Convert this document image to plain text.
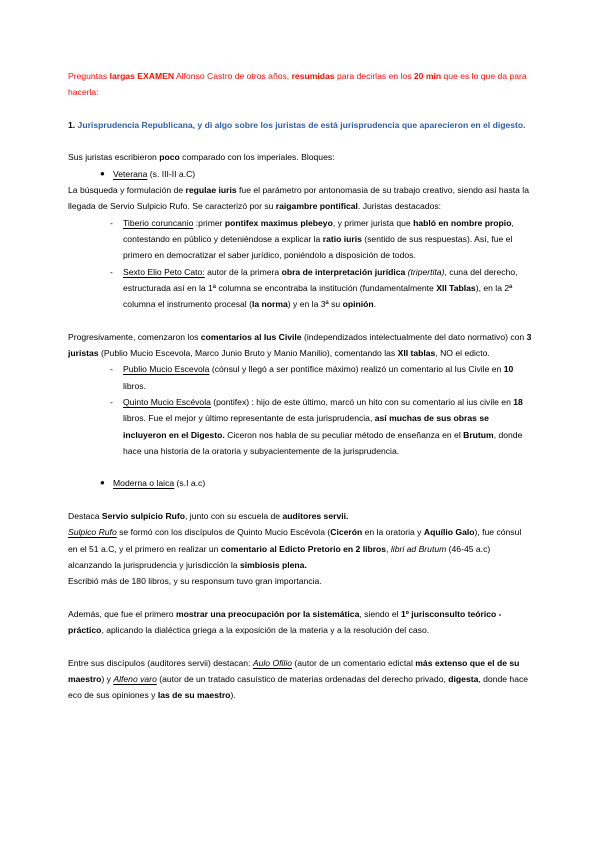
Preguntas largas EXAMEN Alfonso Castro de otros años, resumidas para decirlas en los 20 min que es lo que da para hacerla:

1. Jurisprudencia Republicana, y di algo sobre los juristas de está jurisprudencia que aparecieron en el digesto.

Sus juristas escribieron poco comparado con los imperiales. Bloques:

● Veterana (s. III-II a.C)

La búsqueda y formulación de regulae iuris fue el parámetro por antonomasia de su trabajo creativo, siendo así hasta la llegada de Servio Sulpicio Rufo. Se caracterizó por su raigambre pontifical. Juristas destacados:

- Tiberio coruncanio :primer pontifex maximus plebeyo, y primer jurista que habló en nombre propio, contestando en público y deteniéndose a explicar la ratio iuris (sentido de sus respuestas). Así, fue el primero en democratizar el saber jurídico, poniéndolo a disposición de todos.
- Sexto Elio Peto Cato: autor de la primera obra de interpretación jurídica (tripertita), cuna del derecho, estructurada así en la 1ª columna se encontraba la institución (fundamentalmente XII Tablas), en la 2ª columna el instrumento procesal (la norma) y en la 3ª su opinión.

Progresivamente, comenzaron los comentarios al Ius Civile (independizados intelectualmente del dato normativo) con 3 juristas (Publio Mucio Escevola, Marco Junio Bruto y Manio Manilio), comentando las XII tablas, NO el edicto.

- Publio Mucio Escevola (cónsul y llegó a ser pontífice máximo) realizó un comentario al Ius Civile en 10 libros.
- Quinto Mucio Escévola (pontifex) : hijo de este último, marcó un hito con su comentario al ius civile en 18 libros. Fue el mejor y último representante de esta jurisprudencia, así muchas de sus obras se incluyeron en el Digesto. Ciceron nos habla de su peculiar método de enseñanza en el Brutum, donde hace una historia de la oratoria y subyacientemente de la jurisprudencia.
● Moderna o laica (s.I a.c)

Destaca Servio sulpicio Rufo, junto con su escuela de auditores servii.

Sulpico Rufo se formó con los discípulos de Quinto Mucio Escévola (Cicerón en la oratoria y Aquílio Galo), fue cónsul en el 51 a.C, y el primero en realizar un comentario al Edicto Pretorio en 2 libros, libri ad Brutum (46-45 a.c) alcanzando la jurisprudencia y jurisdicción la simbiosis plena.

Escribió más de 180 libros, y su responsum tuvo gran importancia.

Además, que fue el primero mostrar una preocupación por la sistemática, siendo el 1º jurisconsulto teórico -práctico, aplicando la dialéctica griega a la exposición de la materia y a la resolución del caso.

Entre sus discípulos (auditores servii) destacan: Aulo Ofilio (autor de un comentario edictal más extenso que el de su maestro) y Alfeno varo (autor de un tratado casuístico de materias ordenadas del derecho privado, digesta, donde hace eco de sus opiniones y las de su maestro).
